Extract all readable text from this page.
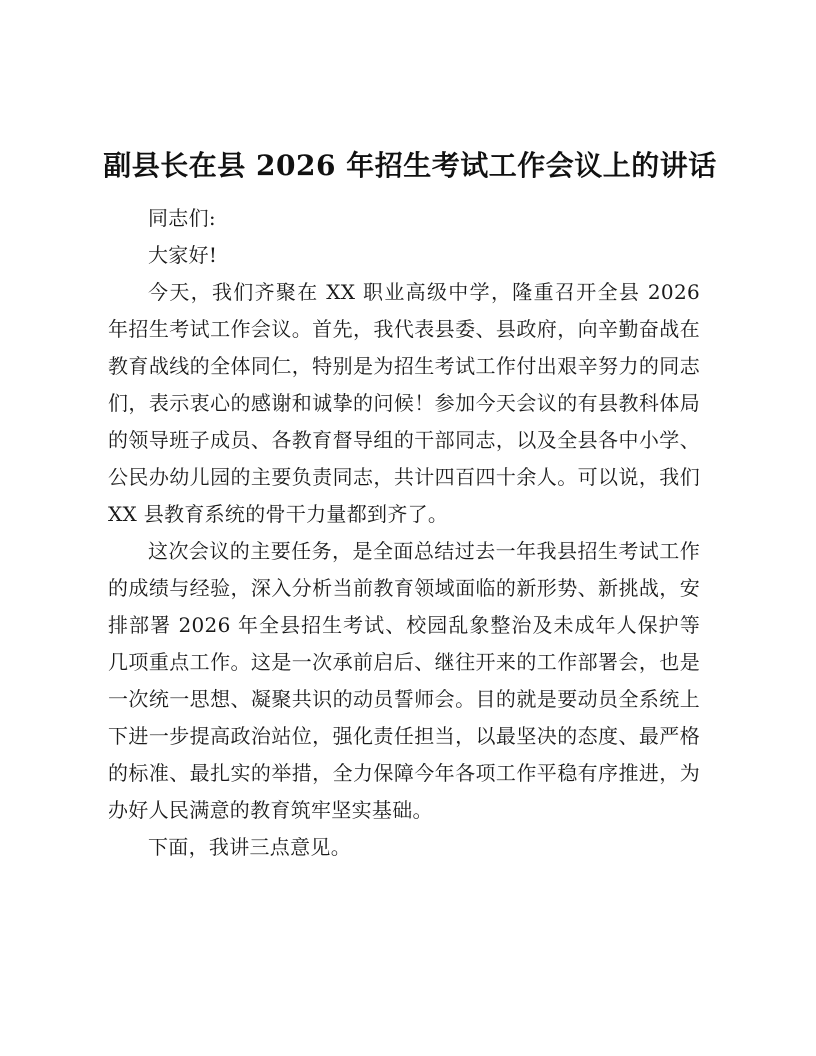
副县长在县 2026 年招生考试工作会议上的讲话

同志们:

大家好!

今天，我们齐聚在 XX 职业高级中学，隆重召开全县 2026 年招生考试工作会议。首先，我代表县委、县政府，向辛勤奋战在教育战线的全体同仁，特别是为招生考试工作付出艰辛努力的同志们，表示衷心的感谢和诚挚的问候！参加今天会议的有县教科体局的领导班子成员、各教育督导组的干部同志，以及全县各中小学、公民办幼儿园的主要负责同志，共计四百四十余人。可以说，我们 XX 县教育系统的骨干力量都到齐了。

这次会议的主要任务，是全面总结过去一年我县招生考试工作的成绩与经验，深入分析当前教育领域面临的新形势、新挑战，安排部署 2026 年全县招生考试、校园乱象整治及未成年人保护等几项重点工作。这是一次承前启后、继往开来的工作部署会，也是一次统一思想、凝聚共识的动员誓师会。目的就是要动员全系统上下进一步提高政治站位，强化责任担当，以最坚决的态度、最严格的标准、最扎实的举措，全力保障今年各项工作平稳有序推进，为办好人民满意的教育筑牢坚实基础。

下面，我讲三点意见。
